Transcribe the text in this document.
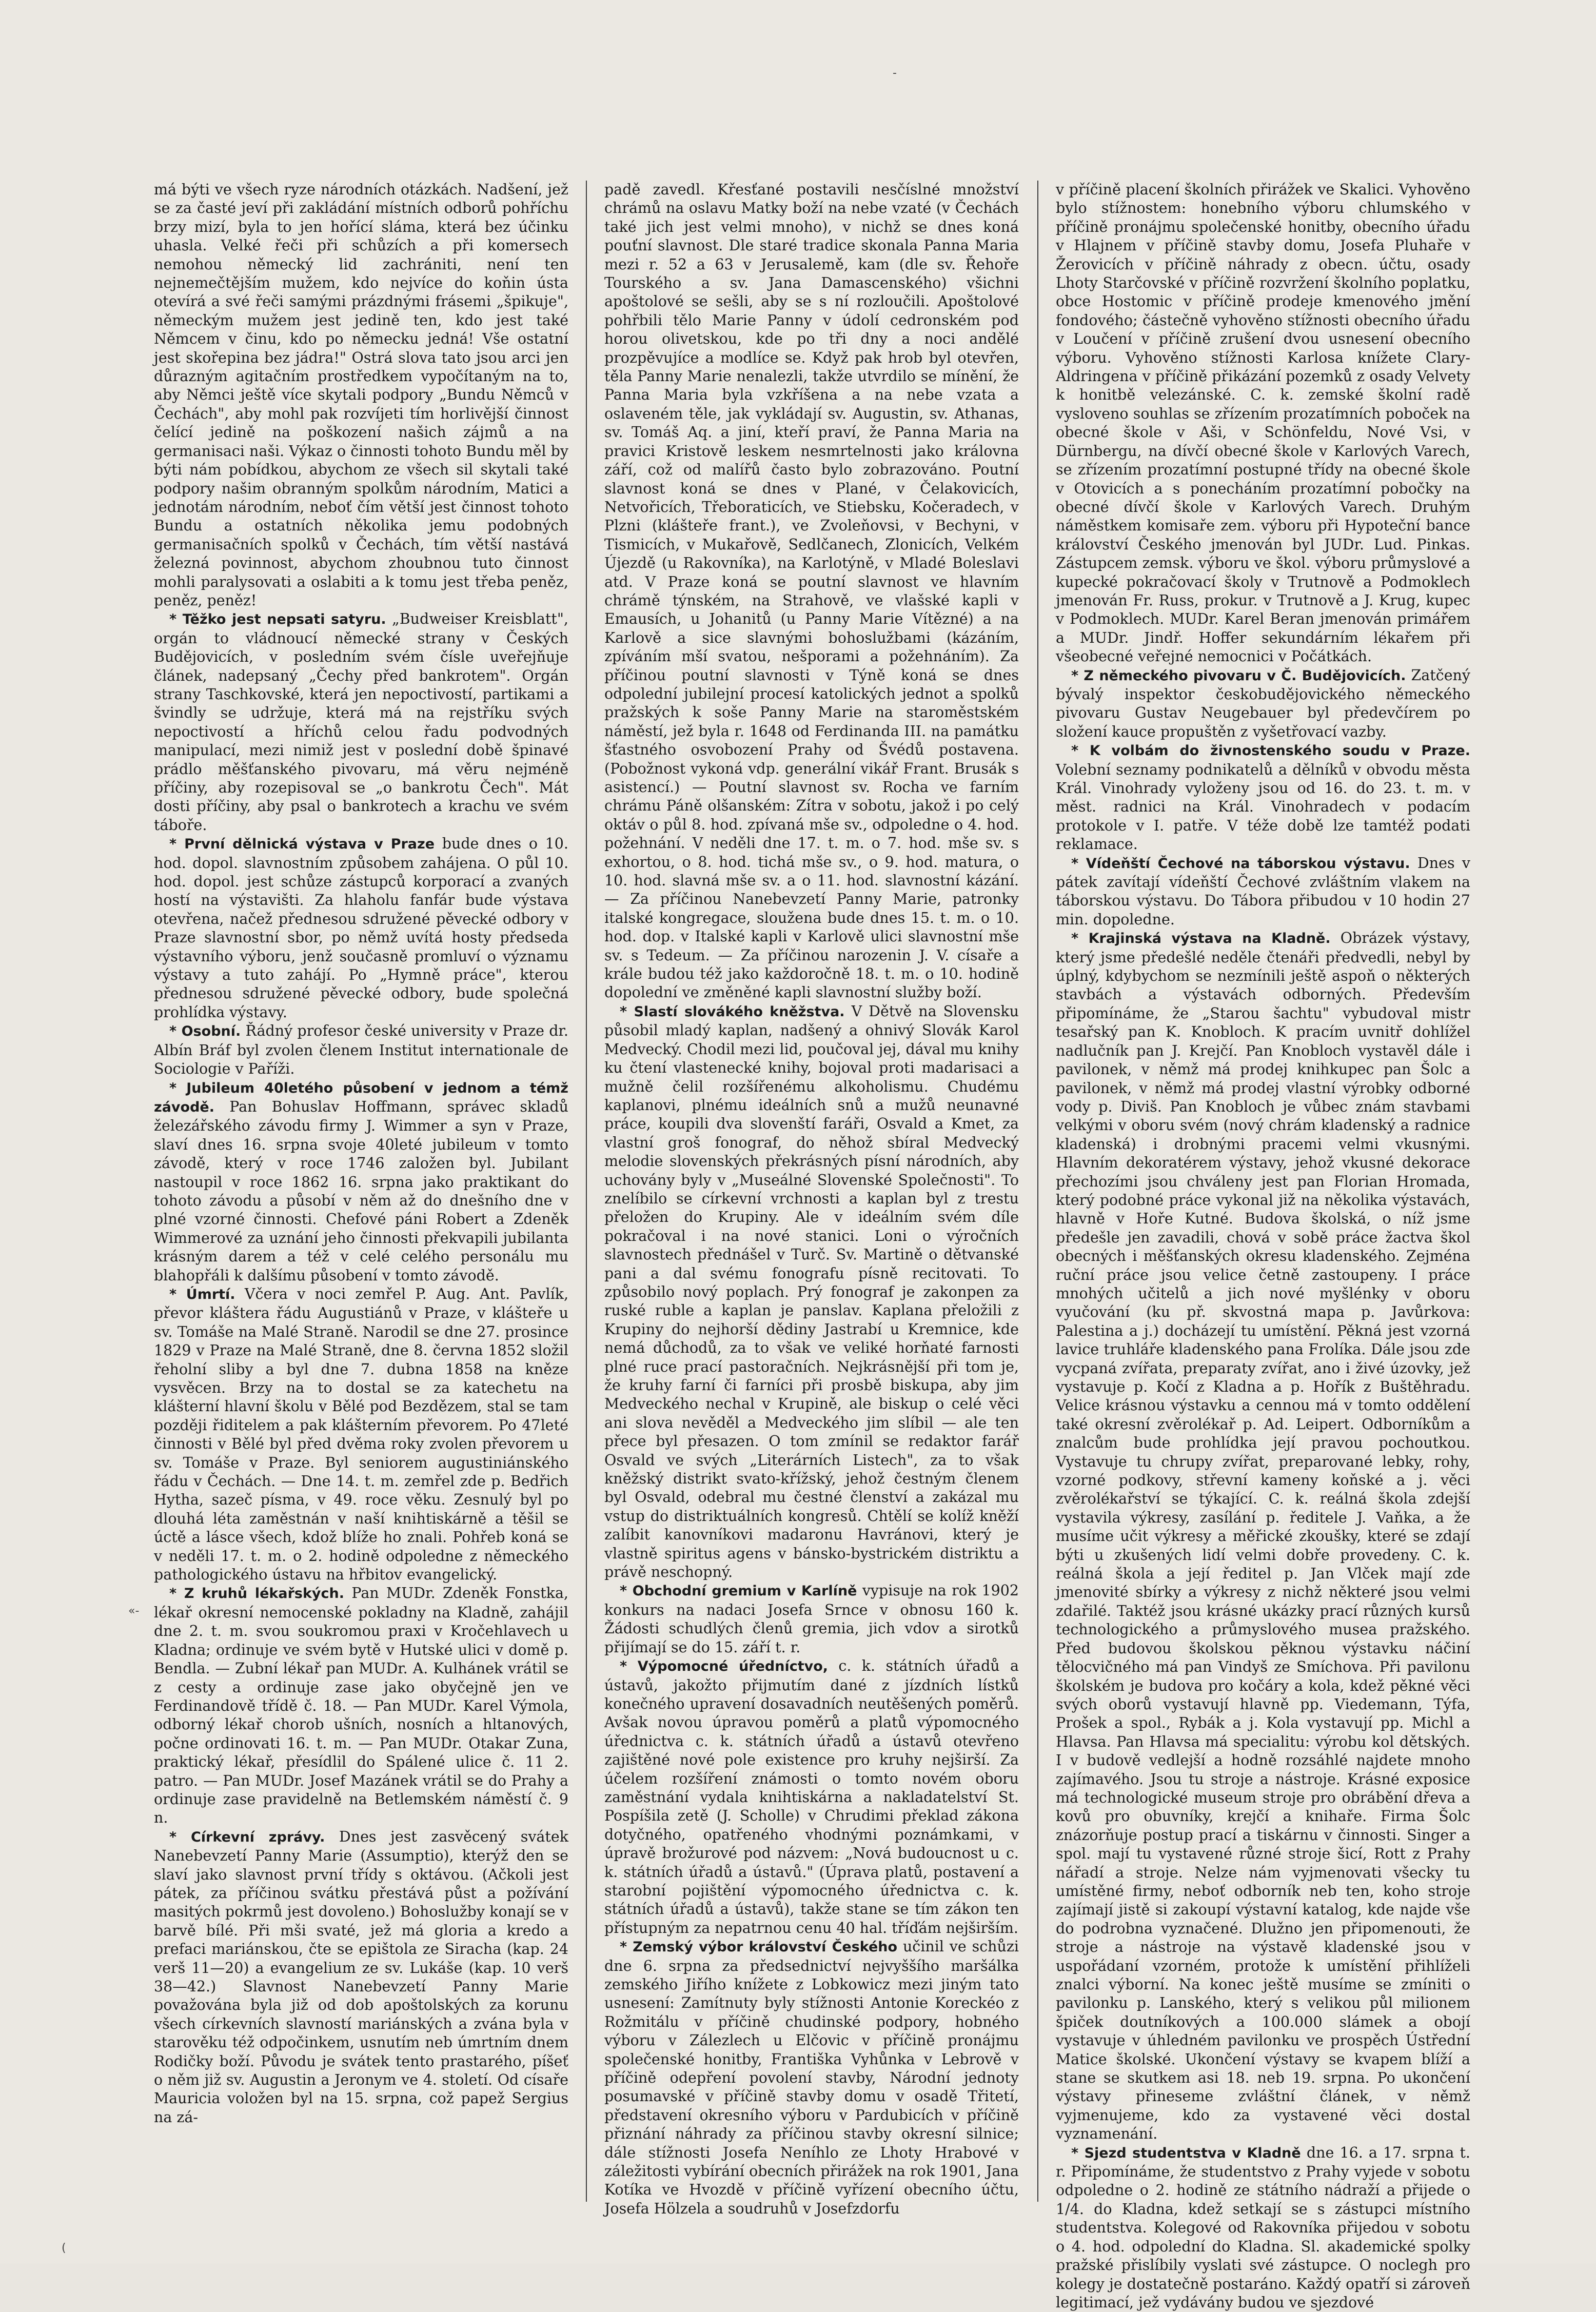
-
«-
(

má býti ve všech ryze národních otázkách. Nadšení, jež se za časté jeví při zakládání místních odborů pohříchu brzy mizí, byla to jen hořící sláma, která bez účinku uhasla. Velké řeči při schůzích a při komersech nemohou německý lid zachrániti, není ten nejnemečtějším mužem, kdo nejvíce do koňin ústa otevírá a své řeči samými prázdnými frásemi „špikuje", německým mužem jest jedině ten, kdo jest také Němcem v činu, kdo po německu jedná! Vše ostatní jest skořepina bez jádra!" Ostrá slova tato jsou arci jen důrazným agitačním prostředkem vypočítaným na to, aby Němci ještě více skytali podpory „Bundu Němců v Čechách", aby mohl pak rozvíjeti tím horlivější činnost čelící jedině na poškození našich zájmů a na germanisaci naši. Výkaz o činnosti tohoto Bundu měl by býti nám pobídkou, abychom ze všech sil skytali také podpory našim obranným spolkům národním, Matici a jednotám národním, neboť čím větší jest činnost tohoto Bundu a ostatních několika jemu podobných germanisačních spolků v Čechách, tím větší nastává železná povinnost, abychom zhoubnou tuto činnost mohli paralysovati a oslabiti a k tomu jest třeba peněz, peněz, peněz!

* Těžko jest nepsati satyru. „Budweiser Kreisblatt", orgán to vládnoucí německé strany v Českých Budějovicích, v posledním svém čísle uveřejňuje článek, nadepsaný „Čechy před bankrotem". Orgán strany Taschkovské, která jen nepoctivostí, partikami a švindly se udržuje, která má na rejstříku svých nepoctivostí a hříchů celou řadu podvodných manipulací, mezi nimiž jest v poslední době špinavé prádlo měšťanského pivovaru, má věru nejméně příčiny, aby rozepisoval se „o bankrotu Čech". Mát dosti příčiny, aby psal o bankrotech a krachu ve svém táboře.

* První dělnická výstava v Praze bude dnes o 10. hod. dopol. slavnostním způsobem zahájena. O půl 10. hod. dopol. jest schůze zástupců korporací a zvaných hostí na výstavišti. Za hlaholu fanfár bude výstava otevřena, načež přednesou sdružené pěvecké odbory v Praze slavnostní sbor, po němž uvítá hosty předseda výstavního výboru, jenž současně promluví o významu výstavy a tuto zahájí. Po „Hymně práce", kterou přednesou sdružené pěvecké odbory, bude společná prohlídka výstavy.

* Osobní. Řádný profesor české university v Praze dr. Albín Bráf byl zvolen členem Institut internationale de Sociologie v Paříži.

* Jubileum 40letého působení v jednom a témž závodě. Pan Bohuslav Hoffmann, správec skladů železářského závodu firmy J. Wimmer a syn v Praze, slaví dnes 16. srpna svoje 40leté jubileum v tomto závodě, který v roce 1746 založen byl. Jubilant nastoupil v roce 1862 16. srpna jako praktikant do tohoto závodu a působí v něm až do dnešního dne v plné vzorné činnosti. Chefové páni Robert a Zdeněk Wimmerové za uznání jeho činnosti překvapili jubilanta krásným darem a též v celé celého personálu mu blahopřáli k dalšímu působení v tomto závodě.

* Úmrtí. Včera v noci zemřel P. Aug. Ant. Pavlík, převor kláštera řádu Augustiánů v Praze, v klášteře u sv. Tomáše na Malé Straně. Narodil se dne 27. prosince 1829 v Praze na Malé Straně, dne 8. června 1852 složil řeholní sliby a byl dne 7. dubna 1858 na kněze vysvěcen. Brzy na to dostal se za katechetu na klášterní hlavní školu v Bělé pod Bezdězem, stal se tam později řiditelem a pak klášterním převorem. Po 47leté činnosti v Bělé byl před dvěma roky zvolen převorem u sv. Tomáše v Praze. Byl seniorem augustiniánského řádu v Čechách. — Dne 14. t. m. zemřel zde p. Bedřich Hytha, sazeč písma, v 49. roce věku. Zesnulý byl po dlouhá léta zaměstnán v naší knihtiskárně a těšil se úctě a lásce všech, kdož blíže ho znali. Pohřeb koná se v neděli 17. t. m. o 2. hodině odpoledne z německého pathologického ústavu na hřbitov evangelický.

* Z kruhů lékařských. Pan MUDr. Zdeněk Fonstka, lékař okresní nemocenské pokladny na Kladně, zahájil dne 2. t. m. svou soukromou praxi v Kročehlavech u Kladna; ordinuje ve svém bytě v Hutské ulici v domě p. Bendla. — Zubní lékař pan MUDr. A. Kulhánek vrátil se z cesty a ordinuje zase jako obyčejně jen ve Ferdinandově třídě č. 18. — Pan MUDr. Karel Výmola, odborný lékař chorob ušních, nosních a hltanových, počne ordinovati 16. t. m. — Pan MUDr. Otakar Zuna, praktický lékař, přesídlil do Spálené ulice č. 11 2. patro. — Pan MUDr. Josef Mazánek vrátil se do Prahy a ordinuje zase pravidelně na Betlemském náměstí č. 9 n.

* Církevní zprávy. Dnes jest zasvěcený svátek Nanebevzetí Panny Marie (Assumptio), kterýž den se slaví jako slavnost první třídy s oktávou. (Ačkoli jest pátek, za příčinou svátku přestává půst a požívání masitých pokrmů jest dovoleno.) Bohoslužby konají se v barvě bílé. Při mši svaté, jež má gloria a kredo a prefaci mariánskou, čte se epištola ze Siracha (kap. 24 verš 11—20) a evangelium ze sv. Lukáše (kap. 10 verš 38—42.) Slavnost Nanebevzetí Panny Marie považována byla již od dob apoštolských za korunu všech církevních slavností mariánských a zvána byla v starověku též odpočinkem, usnutím neb úmrtním dnem Rodičky boží. Původu je svátek tento prastarého, píšeť o něm již sv. Augustin a Jeronym ve 4. století. Od císaře Mauricia voložen byl na 15. srpna, což papež Sergius na zá-

padě zavedl. Křesťané postavili nesčíslné množství chrámů na oslavu Matky boží na nebe vzaté (v Čechách také jich jest velmi mnoho), v nichž se dnes koná pouťní slavnost. Dle staré tradice skonala Panna Maria mezi r. 52 a 63 v Jerusalemě, kam (dle sv. Řehoře Tourského a sv. Jana Damascenského) všichni apoštolové se sešli, aby se s ní rozloučili. Apoštolové pohřbili tělo Marie Panny v údolí cedronském pod horou olivetskou, kde po tři dny a noci andělé prozpěvujíce a modlíce se. Když pak hrob byl otevřen, těla Panny Marie nenalezli, takže utvrdilo se mínění, že Panna Maria byla vzkříšena a na nebe vzata a oslaveném těle, jak vykládají sv. Augustin, sv. Athanas, sv. Tomáš Aq. a jiní, kteří praví, že Panna Maria na pravici Kristově leskem nesmrtelnosti jako královna září, což od malířů často bylo zobrazováno. Poutní slavnost koná se dnes v Plané, v Čelakovicích, Netvořicích, Třeboraticích, ve Stiebsku, Kočeradech, v Plzni (klášteře frant.), ve Zvoleňovsi, v Bechyni, v Tismicích, v Mukařově, Sedlčanech, Zlonicích, Velkém Újezdě (u Rakovníka), na Karlotýně, v Mladé Boleslavi atd. V Praze koná se poutní slavnost ve hlavním chrámě týnském, na Strahově, ve vlašské kapli v Emausích, u Johanitů (u Panny Marie Vítězné) a na Karlově a sice slavnými bohoslužbami (kázáním, zpíváním mší svatou, nešporami a požehnáním). Za příčinou poutní slavnosti v Týně koná se dnes odpolední jubilejní procesí katolických jednot a spolků pražských k soše Panny Marie na staroměstském náměstí, jež byla r. 1648 od Ferdinanda III. na památku šťastného osvobození Prahy od Švédů postavena. (Pobožnost vykoná vdp. generální vikář Frant. Brusák s asistencí.) — Poutní slavnost sv. Rocha ve farním chrámu Páně olšanském: Zítra v sobotu, jakož i po celý oktáv o půl 8. hod. zpívaná mše sv., odpoledne o 4. hod. požehnání. V neděli dne 17. t. m. o 7. hod. mše sv. s exhortou, o 8. hod. tichá mše sv., o 9. hod. matura, o 10. hod. slavná mše sv. a o 11. hod. slavnostní kázání. — Za příčinou Nanebevzetí Panny Marie, patronky italské kongregace, sloužena bude dnes 15. t. m. o 10. hod. dop. v Italské kapli v Karlově ulici slavnostní mše sv. s Tedeum. — Za příčinou narozenin J. V. císaře a krále budou též jako každoročně 18. t. m. o 10. hodině dopolední ve změněné kapli slavnostní služby boží.

* Slastí slovákého kněžstva. V Dětvě na Slovensku působil mladý kaplan, nadšený a ohnivý Slovák Karol Medvecký. Chodil mezi lid, poučoval jej, dával mu knihy ku čtení vlastenecké knihy, bojoval proti madarisaci a mužně čelil rozšířenému alkoholismu. Chudému kaplanovi, plnému ideálních snů a mužů neunavné práce, koupili dva slovenští faráři, Osvald a Kmet, za vlastní groš fonograf, do něhož sbíral Medvecký melodie slovenských překrásných písní národních, aby uchovány byly v „Museálné Slovenské Společnosti". To znelíbilo se církevní vrchnosti a kaplan byl z trestu přeložen do Krupiny. Ale v ideálním svém díle pokračoval i na nové stanici. Loni o výročních slavnostech přednášel v Turč. Sv. Martině o dětvanské pani a dal svému fonografu písně recitovati. To způsobilo nový poplach. Prý fonograf je zakonpen za ruské ruble a kaplan je panslav. Kaplana přeložili z Krupiny do nejhorší dědiny Jastrabí u Kremnice, kde nemá důchodů, za to však ve veliké horňaté farnosti plné ruce prací pastoračních. Nejkrásnější při tom je, že kruhy farní či farníci při prosbě biskupa, aby jim Medveckého nechal v Krupině, ale biskup o celé věci ani slova nevěděl a Medveckého jim slíbil — ale ten přece byl přesazen. O tom zmínil se redaktor farář Osvald ve svých „Literárních Listech", za to však kněžský distrikt svato-křížský, jehož čestným členem byl Osvald, odebral mu čestné členství a zakázal mu vstup do distriktuálních kongresů. Chtělí se kolíž kněží zalíbit kanovníkovi madaronu Havránovi, který je vlastně spiritus agens v bánsko-bystrickém distriktu a právě neschopný.

* Obchodní gremium v Karlíně vypisuje na rok 1902 konkurs na nadaci Josefa Srnce v obnosu 160 k. Žádosti schudlých členů gremia, jich vdov a sirotků přijímají se do 15. září t. r.

* Výpomocné úředníctvo, c. k. státních úřadů a ústavů, jakožto přijmutím dané z jízdních lístků konečného upravení dosavadních neutěšených poměrů. Avšak novou úpravou poměrů a platů výpomocného úřednictva c. k. státních úřadů a ústavů otevřeno zajištěné nové pole existence pro kruhy nejširší. Za účelem rozšíření známosti o tomto novém oboru zaměstnání vydala knihtiskárna a nakladatelství St. Pospíšila zetě (J. Scholle) v Chrudimi překlad zákona dotyčného, opatřeného vhodnými poznámkami, v úpravě brožurové pod názvem: „Nová budoucnost u c. k. státních úřadů a ústavů." (Úprava platů, postavení a starobní pojištění výpomocného úřednictva c. k. státních úřadů a ústavů), takže stane se tím zákon ten přístupným za nepatrnou cenu 40 hal. tříďám nejširším.

* Zemský výbor království Českého učinil ve schůzi dne 6. srpna za předsednictví nejvyššího maršálka zemského Jiřího knížete z Lobkowicz mezi jiným tato usnesení: Zamítnuty byly stížnosti Antonie Koreckéo z Rožmitálu v příčině chudinské podpory, hobného výboru v Zálezlech u Elčovic v příčině pronájmu společenské honitby, Františka Vyhůnka v Lebrově v příčině odepření povolení stavby, Národní jednoty posumavské v příčině stavby domu v osadě Třitetí, představení okresního výboru v Pardubicích v příčině přiznání náhrady za příčinou stavby okresní silnice; dále stížnosti Josefa Neníhlo ze Lhoty Hrabové v záležitosti vybírání obecních přirážek na rok 1901, Jana Kotíka ve Hvozdě v příčině vyřízení obecního účtu, Josefa Hölzela a soudruhů v Josefzdorfu

v příčině placení školních přirážek ve Skalici. Vyhověno bylo stížnostem: honebního výboru chlumského v příčině pronájmu společenské honitby, obecního úřadu v Hlajnem v příčině stavby domu, Josefa Pluhaře v Žerovicích v příčině náhrady z obecn. účtu, osady Lhoty Starčovské v příčině rozvržení školního poplatku, obce Hostomic v příčině prodeje kmenového jmění fondového; částečně vyhověno stížnosti obecního úřadu v Loučení v příčině zrušení dvou usnesení obecního výboru. Vyhověno stížnosti Karlosa knížete Clary-Aldringena v příčině přikázání pozemků z osady Velvety k honitbě velezánské. C. k. zemské školní radě vysloveno souhlas se zřízením prozatímních poboček na obecné škole v Aši, v Schönfeldu, Nové Vsi, v Dürnbergu, na dívčí obecné škole v Karlových Varech, se zřízením prozatímní postupné třídy na obecné škole v Otovicích a s ponecháním prozatímní pobočky na obecné dívčí škole v Karlových Varech. Druhým náměstkem komisaře zem. výboru při Hypoteční bance království Českého jmenován byl JUDr. Lud. Pinkas. Zástupcem zemsk. výboru ve škol. výboru průmyslové a kupecké pokračovací školy v Trutnově a Podmoklech jmenován Fr. Russ, prokur. v Trutnově a J. Krug, kupec v Podmoklech. MUDr. Karel Beran jmenován primářem a MUDr. Jindř. Hoffer sekundárním lékařem při všeobecné veřejné nemocnici v Počátkách.

* Z německého pivovaru v Č. Budějovicích. Zatčený bývalý inspektor českobudějovického německého pivovaru Gustav Neugebauer byl předevčírem po složení kauce propuštěn z vyšetřovací vazby.

* K volbám do živnostenského soudu v Praze. Volební seznamy podnikatelů a dělníků v obvodu města Král. Vinohrady vyloženy jsou od 16. do 23. t. m. v měst. radnici na Král. Vinohradech v podacím protokole v I. patře. V téže době lze tamtéž podati reklamace.

* Vídeňští Čechové na táborskou výstavu. Dnes v pátek zavítají vídeňští Čechové zvláštním vlakem na táborskou výstavu. Do Tábora přibudou v 10 hodin 27 min. dopoledne.

* Krajinská výstava na Kladně. Obrázek výstavy, který jsme předešlé neděle čtenáři předvedli, nebyl by úplný, kdybychom se nezmínili ještě aspoň o některých stavbách a výstavách odborných. Především připomínáme, že „Starou šachtu" vybudoval mistr tesařský pan K. Knobloch. K pracím uvnitř dohlížel nadlučník pan J. Krejčí. Pan Knobloch vystavěl dále i pavilonek, v němž má prodej knihkupec pan Šolc a pavilonek, v němž má prodej vlastní výrobky odborné vody p. Diviš. Pan Knobloch je vůbec znám stavbami velkými v oboru svém (nový chrám kladenský a radnice kladenská) i drobnými pracemi velmi vkusnými. Hlavním dekoratérem výstavy, jehož vkusné dekorace přechozími jsou chváleny jest pan Florian Hromada, který podobné práce vykonal již na několika výstavách, hlavně v Hoře Kutné. Budova školská, o níž jsme předešle jen zavadili, chová v sobě práce žactva škol obecných i měšťanských okresu kladenského. Zejména ruční práce jsou velice četně zastoupeny. I práce mnohých učitelů a jich nové myšlénky v oboru vyučování (ku př. skvostná mapa p. Javůrkova: Palestina a j.) docházejí tu umístění. Pěkná jest vzorná lavice truhláře kladenského pana Frolíka. Dále jsou zde vycpaná zvířata, preparaty zvířat, ano i živé úzovky, jež vystavuje p. Kočí z Kladna a p. Hořík z Buštěhradu. Velice krásnou výstavku a cennou má v tomto oddělení také okresní zvěrolékař p. Ad. Leipert. Odborníkům a znalcům bude prohlídka její pravou pochoutkou. Vystavuje tu chrupy zvířat, preparované lebky, rohy, vzorné podkovy, střevní kameny koňské a j. věci zvěrolékařství se týkající. C. k. reálná škola zdejší vystavila výkresy, zasílání p. ředitele J. Vaňka, a že musíme učit výkresy a měřické zkoušky, které se zdají býti u zkušených lidí velmi dobře provedeny. C. k. reálná škola a její ředitel p. Jan Vlček mají zde jmenovité sbírky a výkresy z nichž některé jsou velmi zdařilé. Taktéž jsou krásné ukázky prací různých kursů technologického a průmyslového musea pražského. Před budovou školskou pěknou výstavku náčiní tělocvičného má pan Vindyš ze Smíchova. Při pavilonu školském je budova pro kočáry a kola, kdež pěkné věci svých oborů vystavují hlavně pp. Viedemann, Týfa, Prošek a spol., Rybák a j. Kola vystavují pp. Michl a Hlavsa. Pan Hlavsa má specialitu: výrobu kol dětských. I v budově vedlejší a hodně rozsáhlé najdete mnoho zajímavého. Jsou tu stroje a nástroje. Krásné exposice má technologické museum stroje pro obrábění dřeva a kovů pro obuvníky, krejčí a knihaře. Firma Šolc znázorňuje postup prací a tiskárnu v činnosti. Singer a spol. mají tu vystavené různé stroje šicí, Rott z Prahy nářadí a stroje. Nelze nám vyjmenovati všecky tu umístěné firmy, neboť odborník neb ten, koho stroje zajímají jistě si zakoupí výstavní katalog, kde najde vše do podrobna vyznačené. Dlužno jen připomenouti, že stroje a nástroje na výstavě kladenské jsou v uspořádaní vzorném, protože k umístění přihlíželi znalci výborní. Na konec ještě musíme se zmíniti o pavilonku p. Lanského, který s velikou půl milionem špiček doutníkových a 100.000 slámek a obojí vystavuje v úhledném pavilonku ve prospěch Ústřední Matice školské. Ukončení výstavy se kvapem blíží a stane se skutkem asi 18. neb 19. srpna. Po ukončení výstavy přineseme zvláštní článek, v němž vyjmenujeme, kdo za vystavené věci dostal vyznamenání.

* Sjezd studentstva v Kladně dne 16. a 17. srpna t. r. Připomínáme, že studentstvo z Prahy vyjede v sobotu odpoledne o 2. hodině ze státního nádraží a přijede o 1/4. do Kladna, kdež setkají se s zástupci místního studentstva. Kolegové od Rakovníka přijedou v sobotu o 4. hod. odpolední do Kladna. Sl. akademické spolky pražské přislíbily vyslati své zástupce. O noclegh pro kolegy je dostatečně postaráno. Každý opatří si zároveň legitimací, jež vydávány budou ve sjezdové
